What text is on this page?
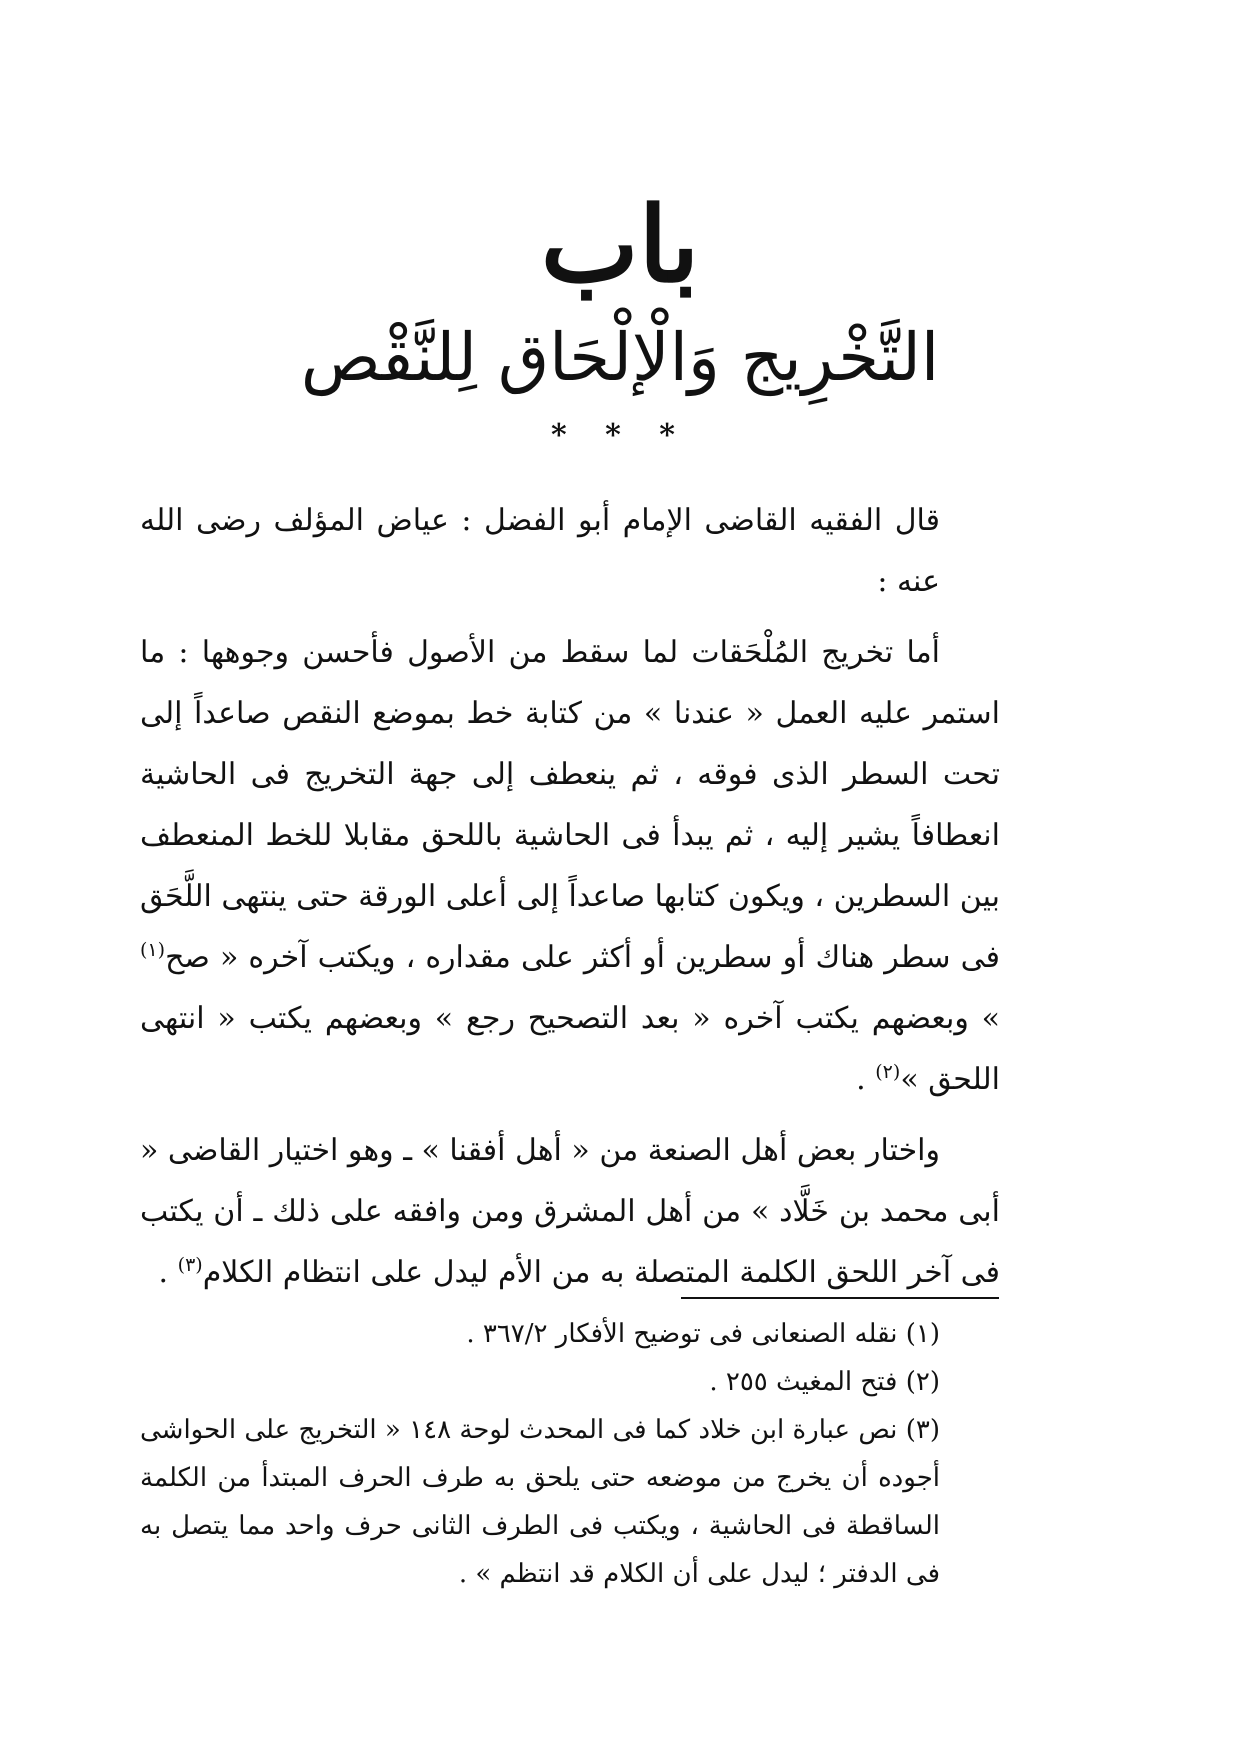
باب
التَّخْرِيج وَالْإلْحَاق لِلنَّقْص
* * *

قال الفقيه القاضى الإمام أبو الفضل : عياض المؤلف رضى الله عنه :

أما تخريج المُلْحَقات لما سقط من الأصول فأحسن وجوهها : ما استمر عليه العمل « عندنا » من كتابة خط بموضع النقص صاعداً إلى تحت السطر الذى فوقه ، ثم ينعطف إلى جهة التخريج فى الحاشية انعطافاً يشير إليه ، ثم يبدأ فى الحاشية باللحق مقابلا للخط المنعطف بين السطرين ، ويكون كتابها صاعداً إلى أعلى الورقة حتى ينتهى اللَّحَق فى سطر هناك أو سطرين أو أكثر على مقداره ، ويكتب آخره « صح$^{(١)}$ » وبعضهم يكتب آخره « بعد التصحيح رجع » وبعضهم يكتب « انتهى اللحق »$^{(٢)}$ .

واختار بعض أهل الصنعة من « أهل أفقنا » ـ وهو اختيار القاضى « أبى محمد بن خَلَّاد » من أهل المشرق ومن وافقه على ذلك ـ أن يكتب فى آخر اللحق الكلمة المتصلة به من الأم ليدل على انتظام الكلام$^{(٣)}$ .

(١) نقله الصنعانى فى توضيح الأفكار ٣٦٧/٢ .

(٢) فتح المغيث ٢٥٥ .

(٣) نص عبارة ابن خلاد كما فى المحدث لوحة ١٤٨ « التخريج على الحواشى أجوده أن يخرج من موضعه حتى يلحق به طرف الحرف المبتدأ من الكلمة الساقطة فى الحاشية ، ويكتب فى الطرف الثانى حرف واحد مما يتصل به فى الدفتر ؛ ليدل على أن الكلام قد انتظم » .
